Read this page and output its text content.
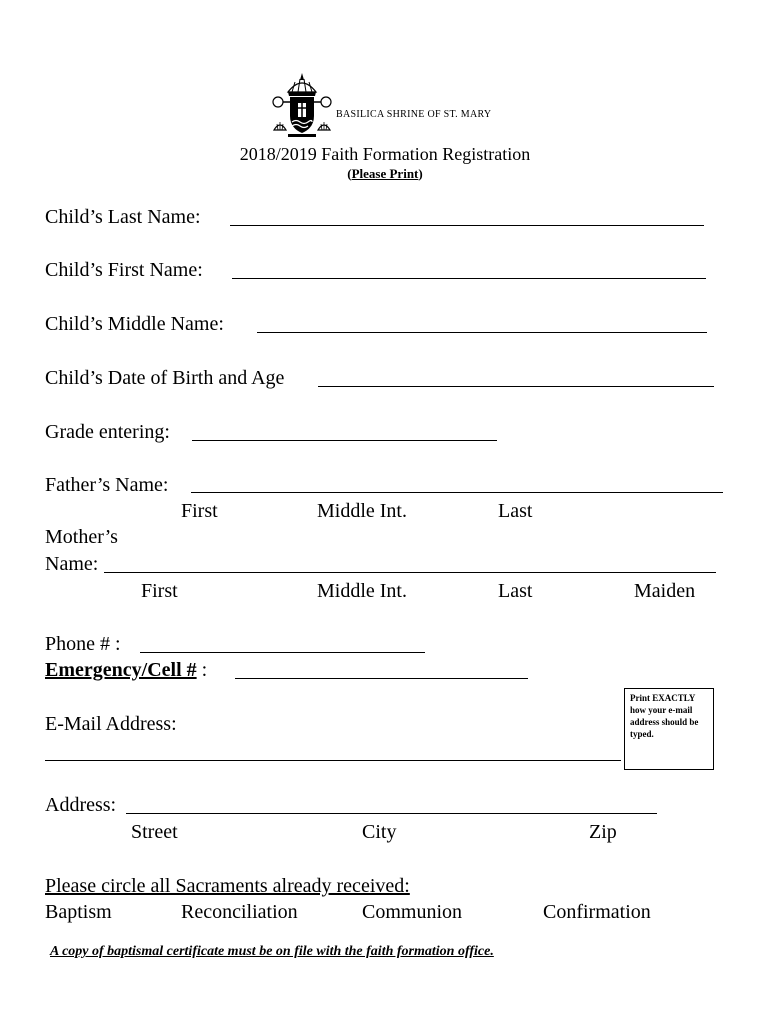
BASILICA SHRINE OF ST. MARY
2018/2019 Faith Formation Registration
(Please Print)
Child’s Last Name:
Child’s First Name:
Child’s Middle Name:
Child’s Date of Birth and Age
Grade entering:
Father’s Name:
First	Middle Int.	Last
Mother’s
Name:
First	Middle Int.	Last	Maiden
Phone # :
Emergency/Cell # :
E-Mail Address:
Print EXACTLY how your e-mail address should be typed.
Address:
Street	City	Zip
Please circle all Sacraments already received:
Baptism	Reconciliation	Communion	Confirmation
A copy of baptismal certificate must be on file with the faith formation office.
